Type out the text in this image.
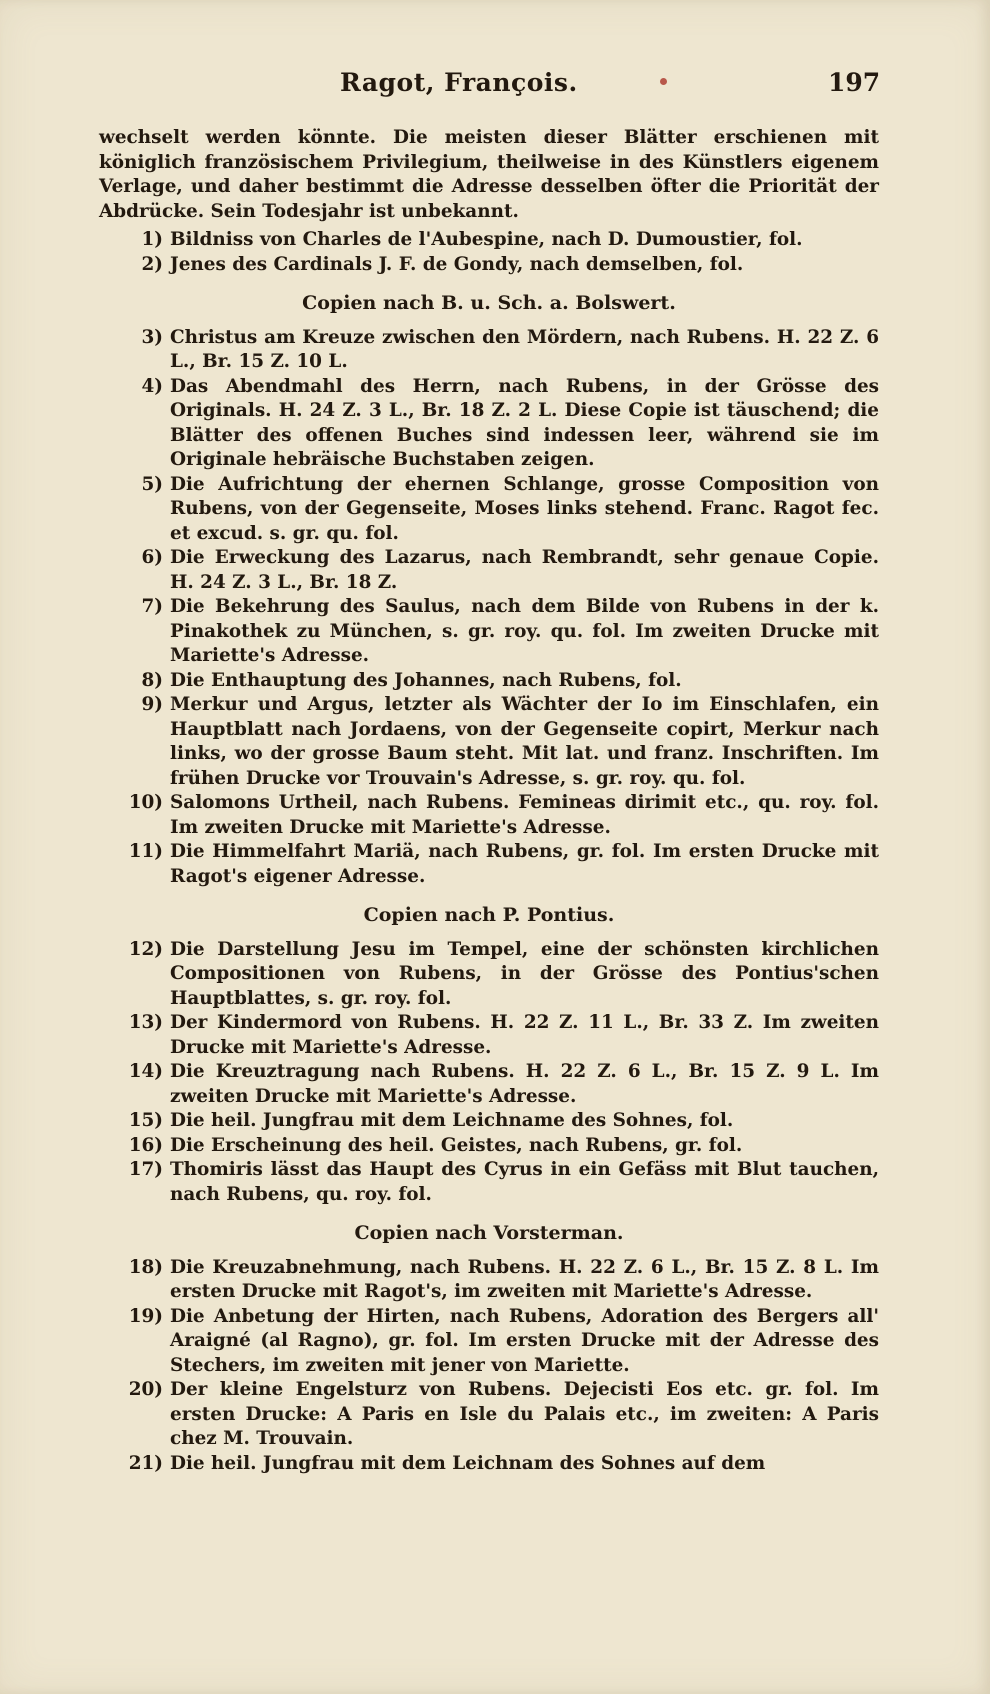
Ragot, François.	197

wechselt werden könnte. Die meisten dieser Blätter erschienen mit königlich französischem Privilegium, theilweise in des Künstlers eigenem Verlage, und daher bestimmt die Adresse desselben öfter die Priorität der Abdrücke. Sein Todesjahr ist unbekannt.

1) Bildniss von Charles de l'Aubespine, nach D. Dumoustier, fol.
2) Jenes des Cardinals J. F. de Gondy, nach demselben, fol.
Copien nach B. u. Sch. a. Bolswert.
3) Christus am Kreuze zwischen den Mördern, nach Rubens. H. 22 Z. 6 L., Br. 15 Z. 10 L.
4) Das Abendmahl des Herrn, nach Rubens, in der Grösse des Originals. H. 24 Z. 3 L., Br. 18 Z. 2 L. Diese Copie ist täuschend; die Blätter des offenen Buches sind indessen leer, während sie im Originale hebräische Buchstaben zeigen.
5) Die Aufrichtung der ehernen Schlange, grosse Composition von Rubens, von der Gegenseite, Moses links stehend. Franc. Ragot fec. et excud. s. gr. qu. fol.
6) Die Erweckung des Lazarus, nach Rembrandt, sehr genaue Copie. H. 24 Z. 3 L., Br. 18 Z.
7) Die Bekehrung des Saulus, nach dem Bilde von Rubens in der k. Pinakothek zu München, s. gr. roy. qu. fol. Im zweiten Drucke mit Mariette's Adresse.
8) Die Enthauptung des Johannes, nach Rubens, fol.
9) Merkur und Argus, letzter als Wächter der Io im Einschlafen, ein Hauptblatt nach Jordaens, von der Gegenseite copirt, Merkur nach links, wo der grosse Baum steht. Mit lat. und franz. Inschriften. Im frühen Drucke vor Trouvain's Adresse, s. gr. roy. qu. fol.
10) Salomons Urtheil, nach Rubens. Femineas dirimit etc., qu. roy. fol. Im zweiten Drucke mit Mariette's Adresse.
11) Die Himmelfahrt Mariä, nach Rubens, gr. fol. Im ersten Drucke mit Ragot's eigener Adresse.
Copien nach P. Pontius.
12) Die Darstellung Jesu im Tempel, eine der schönsten kirchlichen Compositionen von Rubens, in der Grösse des Pontius'schen Hauptblattes, s. gr. roy. fol.
13) Der Kindermord von Rubens. H. 22 Z. 11 L., Br. 33 Z. Im zweiten Drucke mit Mariette's Adresse.
14) Die Kreuztragung nach Rubens. H. 22 Z. 6 L., Br. 15 Z. 9 L. Im zweiten Drucke mit Mariette's Adresse.
15) Die heil. Jungfrau mit dem Leichname des Sohnes, fol.
16) Die Erscheinung des heil. Geistes, nach Rubens, gr. fol.
17) Thomiris lässt das Haupt des Cyrus in ein Gefäss mit Blut tauchen, nach Rubens, qu. roy. fol.
Copien nach Vorsterman.
18) Die Kreuzabnehmung, nach Rubens. H. 22 Z. 6 L., Br. 15 Z. 8 L. Im ersten Drucke mit Ragot's, im zweiten mit Mariette's Adresse.
19) Die Anbetung der Hirten, nach Rubens, Adoration des Bergers all' Araigné (al Ragno), gr. fol. Im ersten Drucke mit der Adresse des Stechers, im zweiten mit jener von Mariette.
20) Der kleine Engelsturz von Rubens. Dejecisti Eos etc. gr. fol. Im ersten Drucke: A Paris en Isle du Palais etc., im zweiten: A Paris chez M. Trouvain.
21) Die heil. Jungfrau mit dem Leichnam des Sohnes auf dem
